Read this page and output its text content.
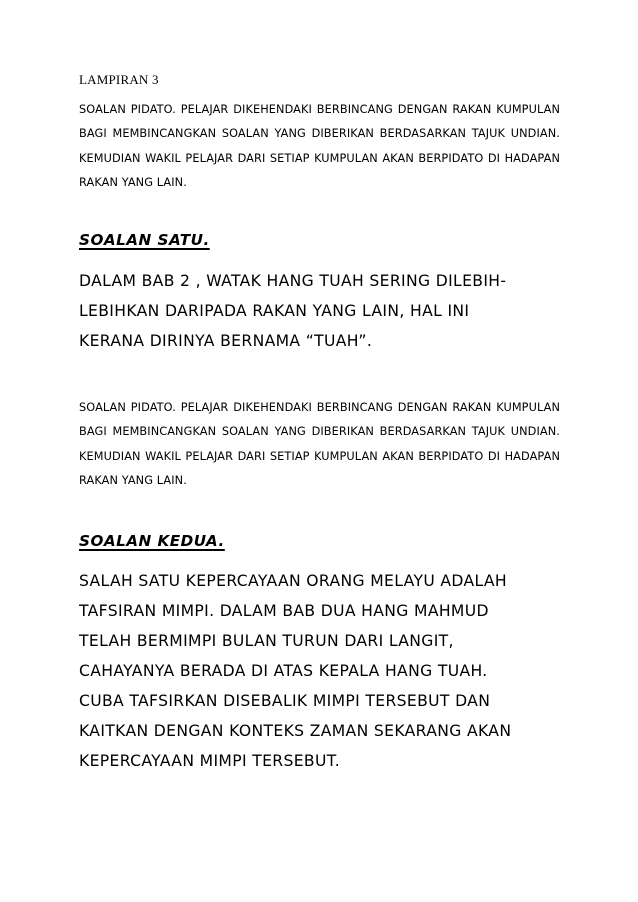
LAMPIRAN 3
SOALAN PIDATO. PELAJAR DIKEHENDAKI BERBINCANG DENGAN RAKAN KUMPULAN BAGI MEMBINCANGKAN SOALAN YANG DIBERIKAN BERDASARKAN TAJUK UNDIAN. KEMUDIAN WAKIL PELAJAR DARI SETIAP KUMPULAN AKAN BERPIDATO DI HADAPAN RAKAN YANG LAIN.
SOALAN SATU.
DALAM BAB 2 , WATAK HANG TUAH SERING DILEBIH-
LEBIHKAN DARIPADA RAKAN YANG LAIN, HAL INI
KERANA DIRINYA BERNAMA “TUAH”.
SOALAN PIDATO. PELAJAR DIKEHENDAKI BERBINCANG DENGAN RAKAN KUMPULAN BAGI MEMBINCANGKAN SOALAN YANG DIBERIKAN BERDASARKAN TAJUK UNDIAN. KEMUDIAN WAKIL PELAJAR DARI SETIAP KUMPULAN AKAN BERPIDATO DI HADAPAN RAKAN YANG LAIN.
SOALAN KEDUA.
SALAH SATU KEPERCAYAAN ORANG MELAYU ADALAH
TAFSIRAN MIMPI. DALAM BAB DUA HANG MAHMUD
TELAH BERMIMPI BULAN TURUN DARI LANGIT,
CAHAYANYA BERADA DI ATAS KEPALA HANG TUAH.
CUBA TAFSIRKAN DISEBALIK MIMPI TERSEBUT DAN
KAITKAN DENGAN KONTEKS ZAMAN SEKARANG AKAN
KEPERCAYAAN MIMPI TERSEBUT.
